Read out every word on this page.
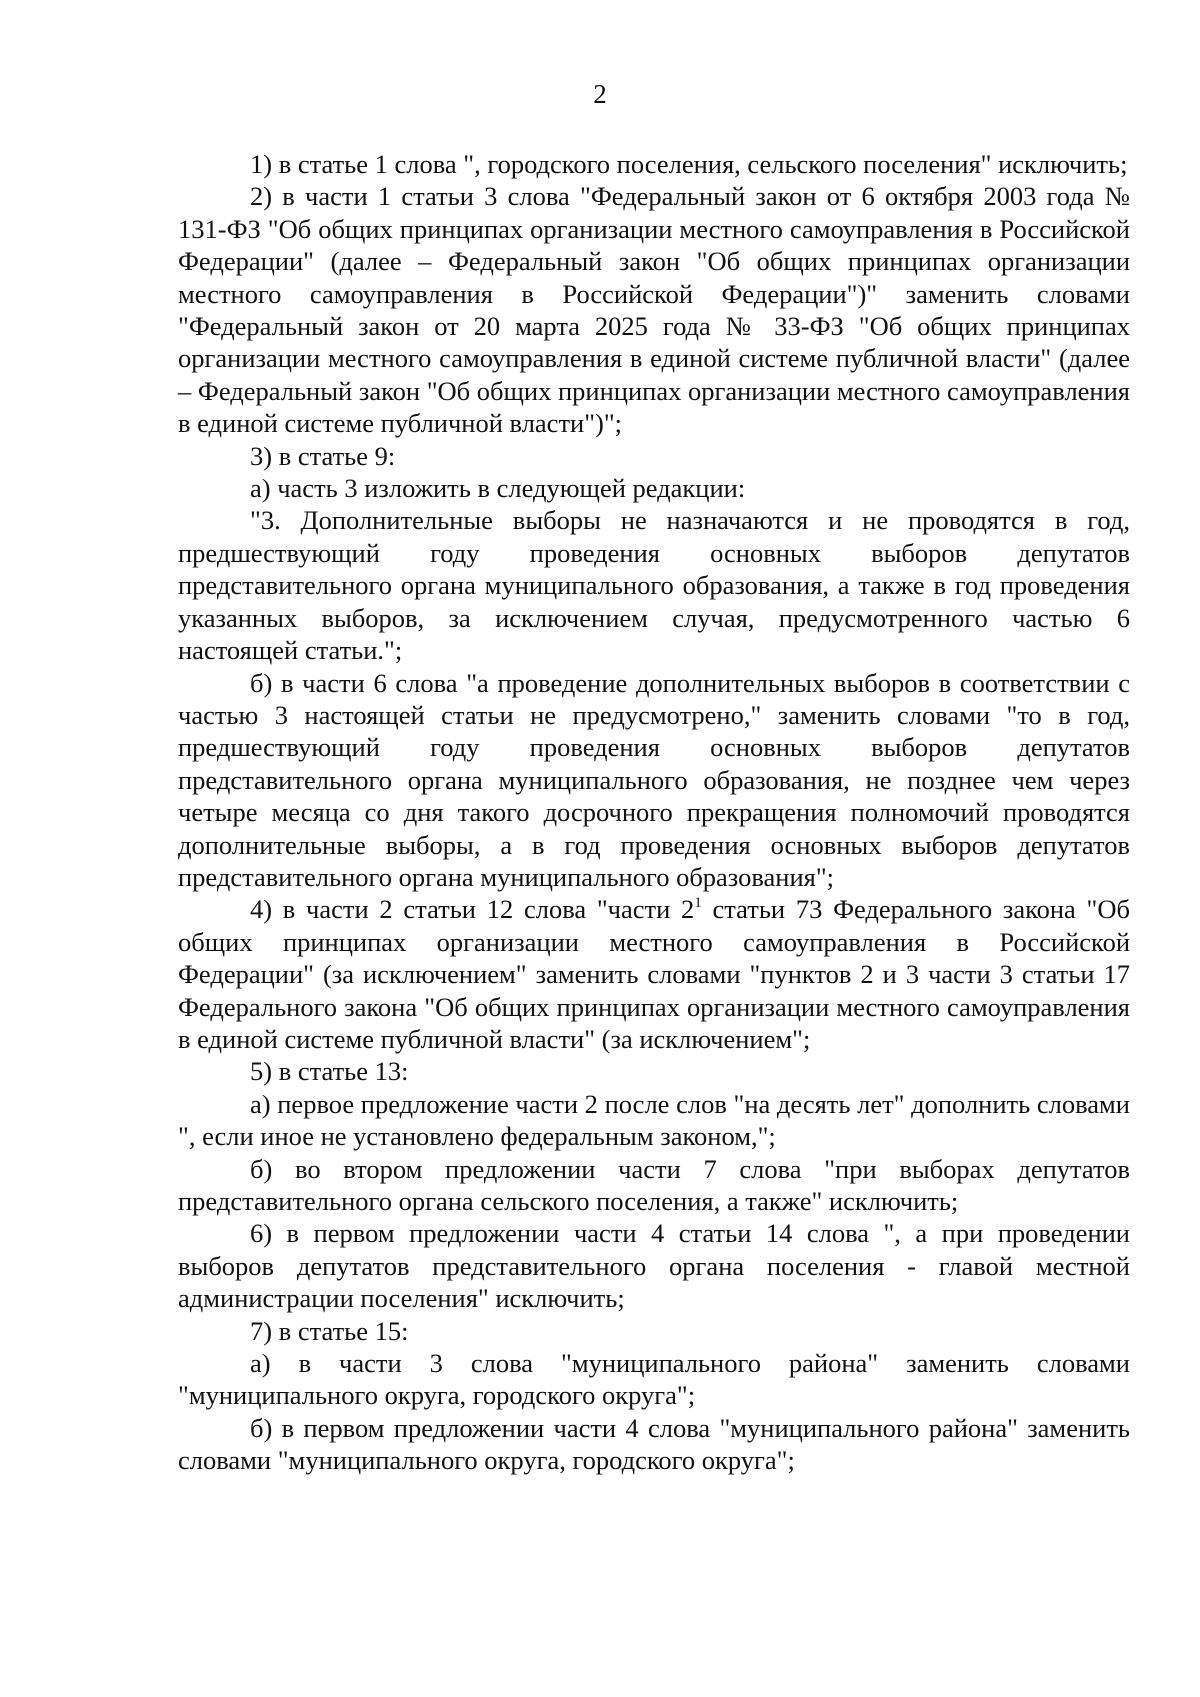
2

1) в статье 1 слова ", городского поселения, сельского поселения" исключить;

2) в части 1 статьи 3 слова "Федеральный закон от 6 октября 2003 года № 131-ФЗ "Об общих принципах организации местного самоуправления в Российской Федерации" (далее – Федеральный закон "Об общих принципах организации местного самоуправления в Российской Федерации")" заменить словами "Федеральный закон от 20 марта 2025 года № 33-ФЗ "Об общих принципах организации местного самоуправления в единой системе публичной власти" (далее – Федеральный закон "Об общих принципах организации местного самоуправления в единой системе публичной власти")";

3) в статье 9:

а) часть 3 изложить в следующей редакции:

"3. Дополнительные выборы не назначаются и не проводятся в год, предшествующий году проведения основных выборов депутатов представительного органа муниципального образования, а также в год проведения указанных выборов, за исключением случая, предусмотренного частью 6 настоящей статьи.";

б) в части 6 слова "а проведение дополнительных выборов в соответствии с частью 3 настоящей статьи не предусмотрено," заменить словами "то в год, предшествующий году проведения основных выборов депутатов представительного органа муниципального образования, не позднее чем через четыре месяца со дня такого досрочного прекращения полномочий проводятся дополнительные выборы, а в год проведения основных выборов депутатов представительного органа муниципального образования";

4) в части 2 статьи 12 слова "части $2^1$ статьи 73 Федерального закона "Об общих принципах организации местного самоуправления в Российской Федерации" (за исключением" заменить словами "пунктов 2 и 3 части 3 статьи 17 Федерального закона "Об общих принципах организации местного самоуправления в единой системе публичной власти" (за исключением";

5) в статье 13:

а) первое предложение части 2 после слов "на десять лет" дополнить словами ", если иное не установлено федеральным законом,";

б) во втором предложении части 7 слова "при выборах депутатов представительного органа сельского поселения, а также" исключить;

6) в первом предложении части 4 статьи 14 слова ", а при проведении выборов депутатов представительного органа поселения - главой местной администрации поселения" исключить;

7) в статье 15:

а) в части 3 слова "муниципального района" заменить словами "муниципального округа, городского округа";

б) в первом предложении части 4 слова "муниципального района" заменить словами "муниципального округа, городского округа";
